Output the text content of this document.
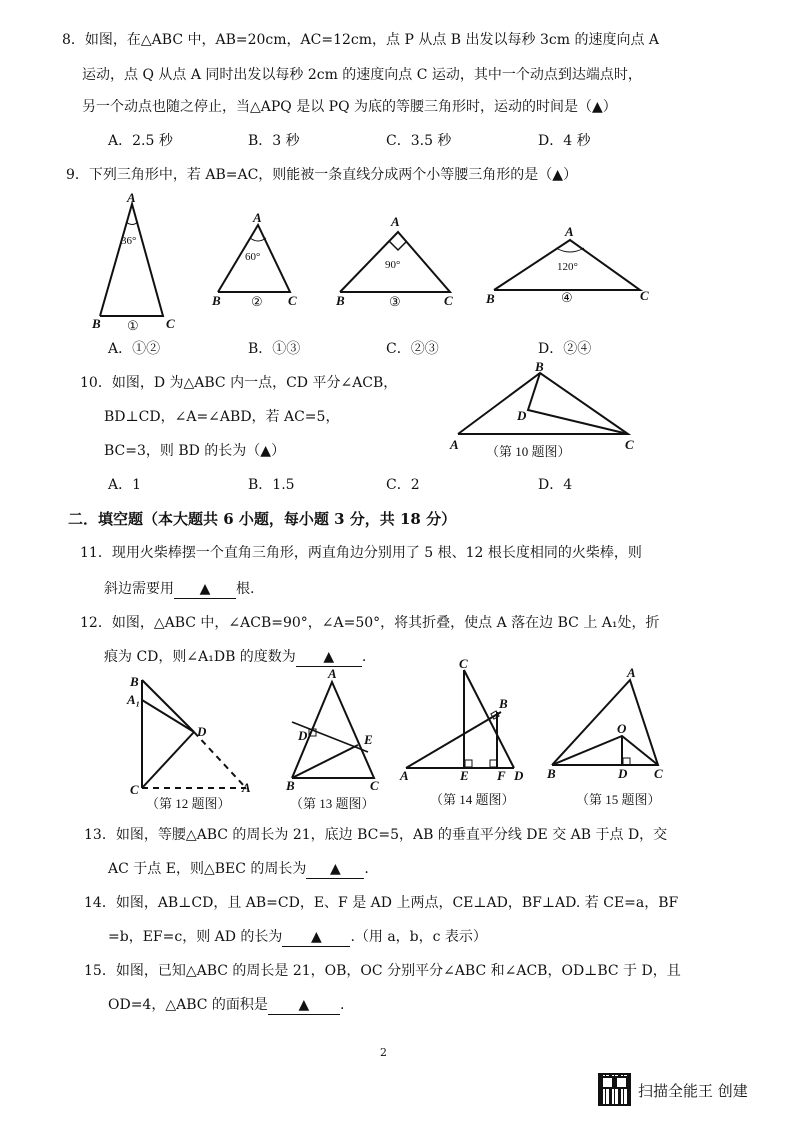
8．如图，在△ABC 中，AB=20cm，AC=12cm，点 P 从点 B 出发以每秒 3cm 的速度向点 A
运动，点 Q 从点 A 同时出发以每秒 2cm 的速度向点 C 运动，其中一个动点到达端点时，
另一个动点也随之停止，当△APQ 是以 PQ 为底的等腰三角形时，运动的时间是（▲）
A．2.5 秒	B．3 秒	C．3.5 秒	D．4 秒
9．下列三角形中，若 AB=AC，则能被一条直线分成两个小等腰三角形的是（▲）
A
36°
B	C
①
A
60°
B	C
②
A
90°
B	C
③
A
120°
B	C
④
A
B
C
D
（第 10 题图）
B
A₁
D
C	A
（第 12 题图）
A
D	E
B	C
（第 13 题图）
C
B
A	E F D
（第 14 题图）
A
O
B	D C
（第 15 题图）
A．①②	B．①③	C．②③	D．②④
10．如图，D 为△ABC 内一点，CD 平分∠ACB，
BD⊥CD，∠A=∠ABD，若 AC=5，
BC=3，则 BD 的长为（▲）
A．1	B．1.5	C．2	D．4
二．填空题（本大题共 6 小题，每小题 3 分，共 18 分）
11．现用火柴棒摆一个直角三角形，两直角边分别用了 5 根、12 根长度相同的火柴棒，则
斜边需要用 ▲ 根.
12．如图，△ABC 中，∠ACB=90°，∠A=50°，将其折叠，使点 A 落在边 BC 上 A₁处，折
痕为 CD，则∠A₁DB 的度数为 ▲ .
13．如图，等腰△ABC 的周长为 21，底边 BC=5，AB 的垂直平分线 DE 交 AB 于点 D，交
AC 于点 E，则△BEC 的周长为 ▲ .
14．如图，AB⊥CD，且 AB=CD，E、F 是 AD 上两点，CE⊥AD，BF⊥AD. 若 CE=a，BF
=b，EF=c，则 AD 的长为 ▲ .（用 a，b，c 表示）
15．如图，已知△ABC 的周长是 21，OB，OC 分别平分∠ABC 和∠ACB，OD⊥BC 于 D，且
OD=4，△ABC 的面积是 ▲ .
2
扫描全能王 创建
